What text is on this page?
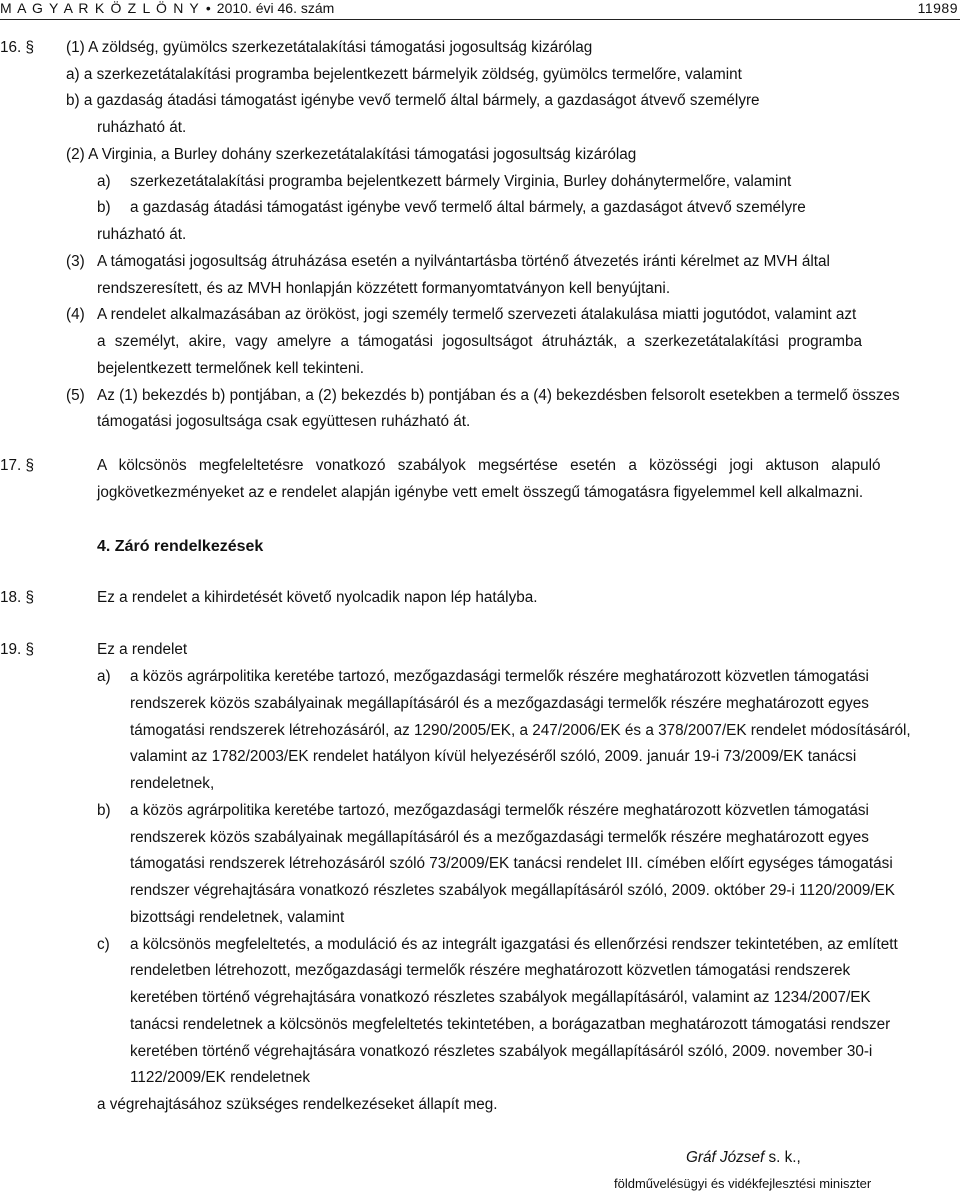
M A G Y A R K Ö Z L Ö N Y • 2010. évi 46. szám	11989
16. § (1) A zöldség, gyümölcs szerkezetátalakítási támogatási jogosultság kizárólag
a) a szerkezetátalakítási programba bejelentkezett bármelyik zöldség, gyümölcs termelőre, valamint
b) a gazdaság átadási támogatást igénybe vevő termelő által bármely, a gazdaságot átvevő személyre
ruházható át.
(2) A Virginia, a Burley dohány szerkezetátalakítási támogatási jogosultság kizárólag
a) szerkezetátalakítási programba bejelentkezett bármely Virginia, Burley dohánytermelőre, valamint
b) a gazdaság átadási támogatást igénybe vevő termelő által bármely, a gazdaságot átvevő személyre
ruházható át.
(3) A támogatási jogosultság átruházása esetén a nyilvántartásba történő átvezetés iránti kérelmet az MVH által
rendszeresített, és az MVH honlapján közzétett formanyomtatványon kell benyújtani.
(4) A rendelet alkalmazásában az örököst, jogi személy termelő szervezeti átalakulása miatti jogutódot, valamint azt
a személyt, akire, vagy amelyre a támogatási jogosultságot átruházták, a szerkezetátalakítási programba
bejelentkezett termelőnek kell tekinteni.
(5) Az (1) bekezdés b) pontjában, a (2) bekezdés b) pontjában és a (4) bekezdésben felsorolt esetekben a termelő összes
támogatási jogosultsága csak együttesen ruházható át.
17. §	A kölcsönös megfeleltetésre vonatkozó szabályok megsértése esetén a közösségi jogi aktuson alapuló
jogkövetkezményeket az e rendelet alapján igénybe vett emelt összegű támogatásra figyelemmel kell alkalmazni.
4. Záró rendelkezések
18. §	Ez a rendelet a kihirdetését követő nyolcadik napon lép hatályba.
19. §	Ez a rendelet
a) a közös agrárpolitika keretébe tartozó, mezőgazdasági termelők részére meghatározott közvetlen támogatási
rendszerek közös szabályainak megállapításáról és a mezőgazdasági termelők részére meghatározott egyes
támogatási rendszerek létrehozásáról, az 1290/2005/EK, a 247/2006/EK és a 378/2007/EK rendelet módosításáról,
valamint az 1782/2003/EK rendelet hatályon kívül helyezéséről szóló, 2009. január 19-i 73/2009/EK tanácsi
rendeletnek,
b) a közös agrárpolitika keretébe tartozó, mezőgazdasági termelők részére meghatározott közvetlen támogatási
rendszerek közös szabályainak megállapításáról és a mezőgazdasági termelők részére meghatározott egyes
támogatási rendszerek létrehozásáról szóló 73/2009/EK tanácsi rendelet III. címében előírt egységes támogatási
rendszer végrehajtására vonatkozó részletes szabályok megállapításáról szóló, 2009. október 29-i 1120/2009/EK
bizottsági rendeletnek, valamint
c) a kölcsönös megfeleltetés, a moduláció és az integrált igazgatási és ellenőrzési rendszer tekintetében, az említett
rendeletben létrehozott, mezőgazdasági termelők részére meghatározott közvetlen támogatási rendszerek
keretében történő végrehajtására vonatkozó részletes szabályok megállapításáról, valamint az 1234/2007/EK
tanácsi rendeletnek a kölcsönös megfeleltetés tekintetében, a borágazatban meghatározott támogatási rendszer
keretében történő végrehajtására vonatkozó részletes szabályok megállapításáról szóló, 2009. november 30-i
1122/2009/EK rendeletnek
a végrehajtásához szükséges rendelkezéseket állapít meg.
Gráf József s. k.,
földművelésügyi és vidékfejlesztési miniszter
